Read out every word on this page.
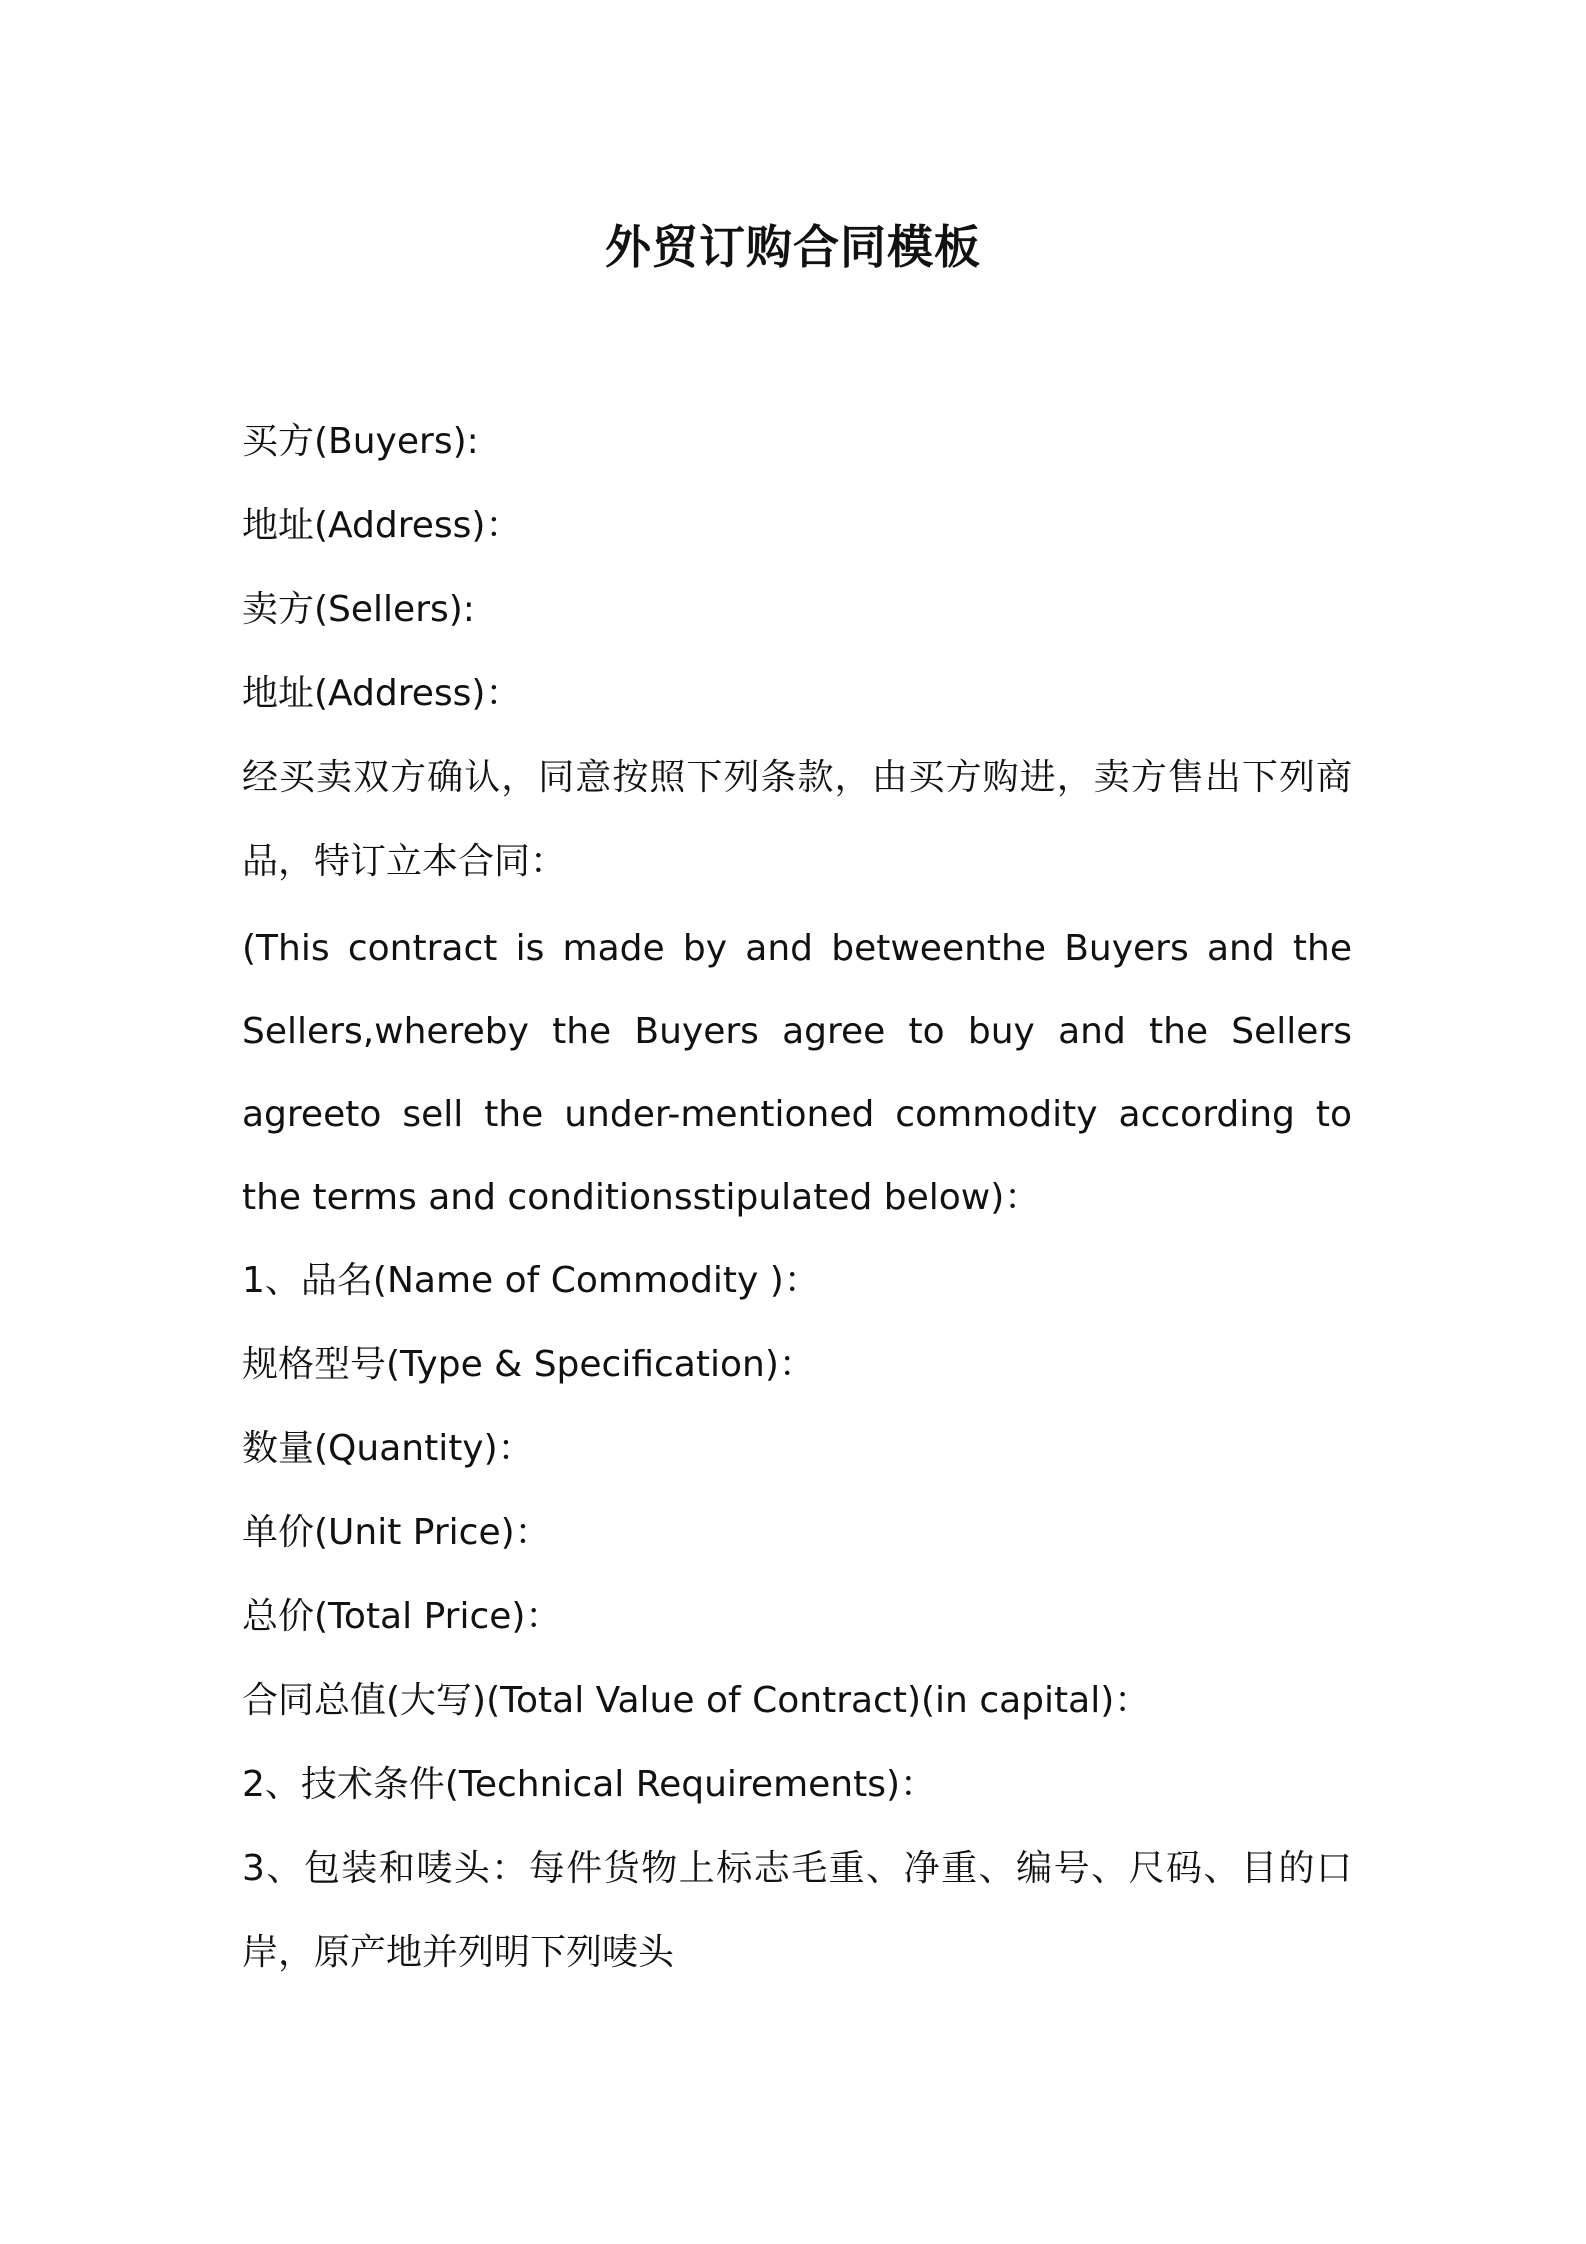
外贸订购合同模板

买方(Buyers):

地址(Address)：

卖方(Sellers):

地址(Address)：

经买卖双方确认，同意按照下列条款，由买方购进，卖方售出下列商品，特订立本合同：

(This contract is made by and betweenthe Buyers and the Sellers,whereby the Buyers agree to buy and the Sellers agreeto sell the under-mentioned commodity according to the terms and conditionsstipulated below)：

1、品名(Name of Commodity )：

规格型号(Type & Specification)：

数量(Quantity)：

单价(Unit Price)：

总价(Total Price)：

合同总值(大写)(Total Value of Contract)(in capital)：

2、技术条件(Technical Requirements)：

3、包装和唛头：每件货物上标志毛重、净重、编号、尺码、目的口岸，原产地并列明下列唛头
